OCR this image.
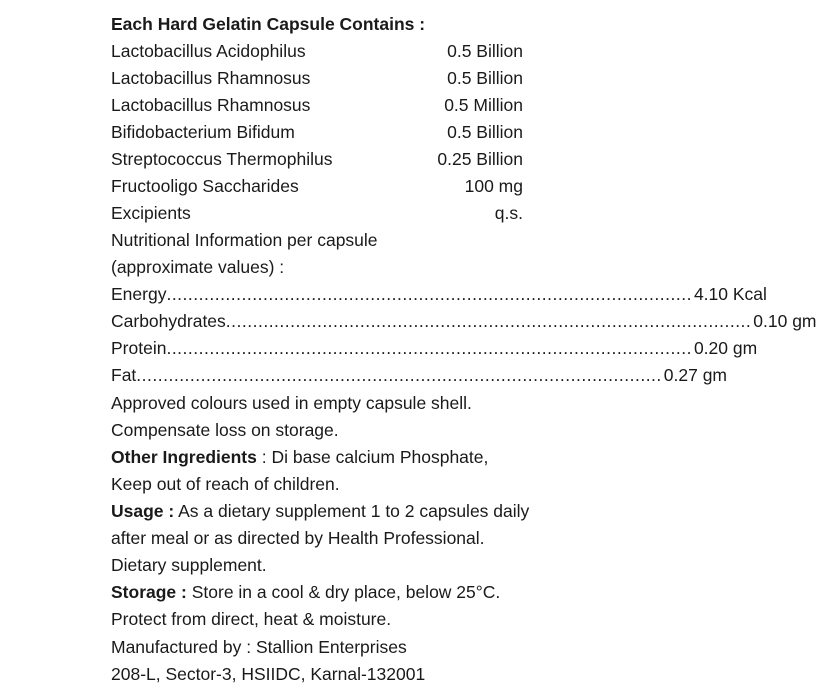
Each Hard Gelatin Capsule Contains :
Lactobacillus Acidophilus	0.5 Billion
Lactobacillus Rhamnosus	0.5 Billion
Lactobacillus Rhamnosus	0.5 Million
Bifidobacterium Bifidum	0.5 Billion
Streptococcus Thermophilus	0.25 Billion
Fructooligo Saccharides	100 mg
Excipients	q.s.
Nutritional Information per capsule
(approximate values) :
Energy .................................................................................................. 4.10 Kcal
Carbohydrates .................................................................................................. 0.10 gm
Protein .................................................................................................. 0.20 gm
Fat .................................................................................................. 0.27 gm
Approved colours used in empty capsule shell.
Compensate loss on storage.
Other Ingredients : Di base calcium Phosphate,
Keep out of reach of children.
Usage : As a dietary supplement 1 to 2 capsules daily
after meal or as directed by Health Professional.
Dietary supplement.
Storage : Store in a cool & dry place, below 25°C.
Protect from direct, heat & moisture.
Manufactured by : Stallion Enterprises
208-L, Sector-3, HSIIDC, Karnal-132001
